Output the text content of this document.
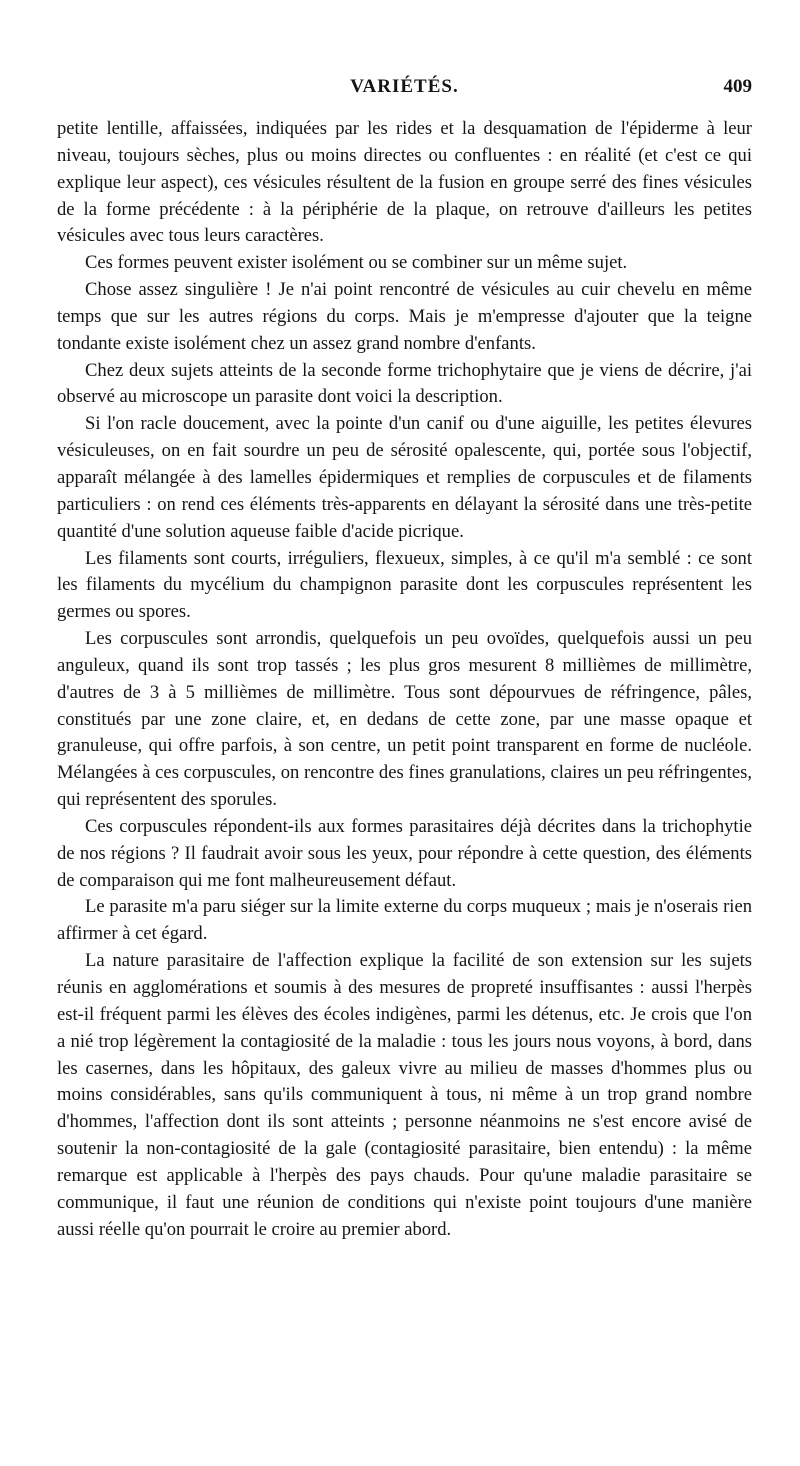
VARIÉTÉS.	409

petite lentille, affaissées, indiquées par les rides et la desquamation de l'épiderme à leur niveau, toujours sèches, plus ou moins directes ou confluentes : en réalité (et c'est ce qui explique leur aspect), ces vésicules résultent de la fusion en groupe serré des fines vésicules de la forme précédente : à la périphérie de la plaque, on retrouve d'ailleurs les petites vésicules avec tous leurs caractères.

Ces formes peuvent exister isolément ou se combiner sur un même sujet.

Chose assez singulière ! Je n'ai point rencontré de vésicules au cuir chevelu en même temps que sur les autres régions du corps. Mais je m'empresse d'ajouter que la teigne tondante existe isolément chez un assez grand nombre d'enfants.

Chez deux sujets atteints de la seconde forme trichophytaire que je viens de décrire, j'ai observé au microscope un parasite dont voici la description.

Si l'on racle doucement, avec la pointe d'un canif ou d'une aiguille, les petites élevures vésiculeuses, on en fait sourdre un peu de sérosité opalescente, qui, portée sous l'objectif, apparaît mélangée à des lamelles épidermiques et remplies de corpuscules et de filaments particuliers : on rend ces éléments très-apparents en délayant la sérosité dans une très-petite quantité d'une solution aqueuse faible d'acide picrique.

Les filaments sont courts, irréguliers, flexueux, simples, à ce qu'il m'a semblé : ce sont les filaments du mycélium du champignon parasite dont les corpuscules représentent les germes ou spores.

Les corpuscules sont arrondis, quelquefois un peu ovoïdes, quelquefois aussi un peu anguleux, quand ils sont trop tassés ; les plus gros mesurent 8 millièmes de millimètre, d'autres de 3 à 5 millièmes de millimètre. Tous sont dépourvues de réfringence, pâles, constitués par une zone claire, et, en dedans de cette zone, par une masse opaque et granuleuse, qui offre parfois, à son centre, un petit point transparent en forme de nucléole. Mélangées à ces corpuscules, on rencontre des fines granulations, claires un peu réfringentes, qui représentent des sporules.

Ces corpuscules répondent-ils aux formes parasitaires déjà décrites dans la trichophytie de nos régions ? Il faudrait avoir sous les yeux, pour répondre à cette question, des éléments de comparaison qui me font malheureusement défaut.

Le parasite m'a paru siéger sur la limite externe du corps muqueux ; mais je n'oserais rien affirmer à cet égard.

La nature parasitaire de l'affection explique la facilité de son extension sur les sujets réunis en agglomérations et soumis à des mesures de propreté insuffisantes : aussi l'herpès est-il fréquent parmi les élèves des écoles indigènes, parmi les détenus, etc. Je crois que l'on a nié trop légèrement la contagiosité de la maladie : tous les jours nous voyons, à bord, dans les casernes, dans les hôpitaux, des galeux vivre au milieu de masses d'hommes plus ou moins considérables, sans qu'ils communiquent à tous, ni même à un trop grand nombre d'hommes, l'affection dont ils sont atteints ; personne néanmoins ne s'est encore avisé de soutenir la non-contagiosité de la gale (contagiosité parasitaire, bien entendu) : la même remarque est applicable à l'herpès des pays chauds. Pour qu'une maladie parasitaire se communique, il faut une réunion de conditions qui n'existe point toujours d'une manière aussi réelle qu'on pourrait le croire au premier abord.
